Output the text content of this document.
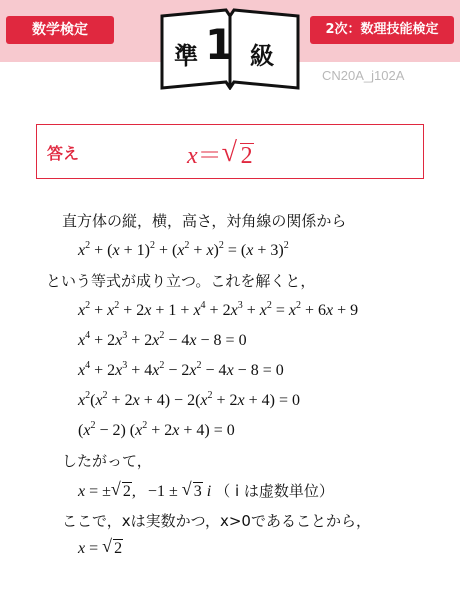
数学検定	2次：数理技能検定
準 1 級
CN20A_j102A
答え	x＝ √ 2
直方体の縦，横，高さ，対角線の関係から
$x^2 + (x + 1)^2 + (x^2 + x)^2 = (x + 3)^2$
という等式が成り立つ。これを解くと，
$x^2 + x^2 + 2x + 1 + x^4 + 2x^3 + x^2 = x^2 + 6x + 9$
$x^4 + 2x^3 + 2x^2 - 4x - 8 = 0$
$x^4 + 2x^3 + 4x^2 - 2x^2 - 4x - 8 = 0$
$x^2(x^2 + 2x + 4) - 2(x^2 + 2x + 4) = 0$
$(x^2 - 2) (x^2 + 2x + 4) = 0$
したがって，
x = ± √ 2,   −1 ± √ 3 i （ i は虚数単位）
ここで，xは実数かつ，x>0であることから，
x = √ 2
